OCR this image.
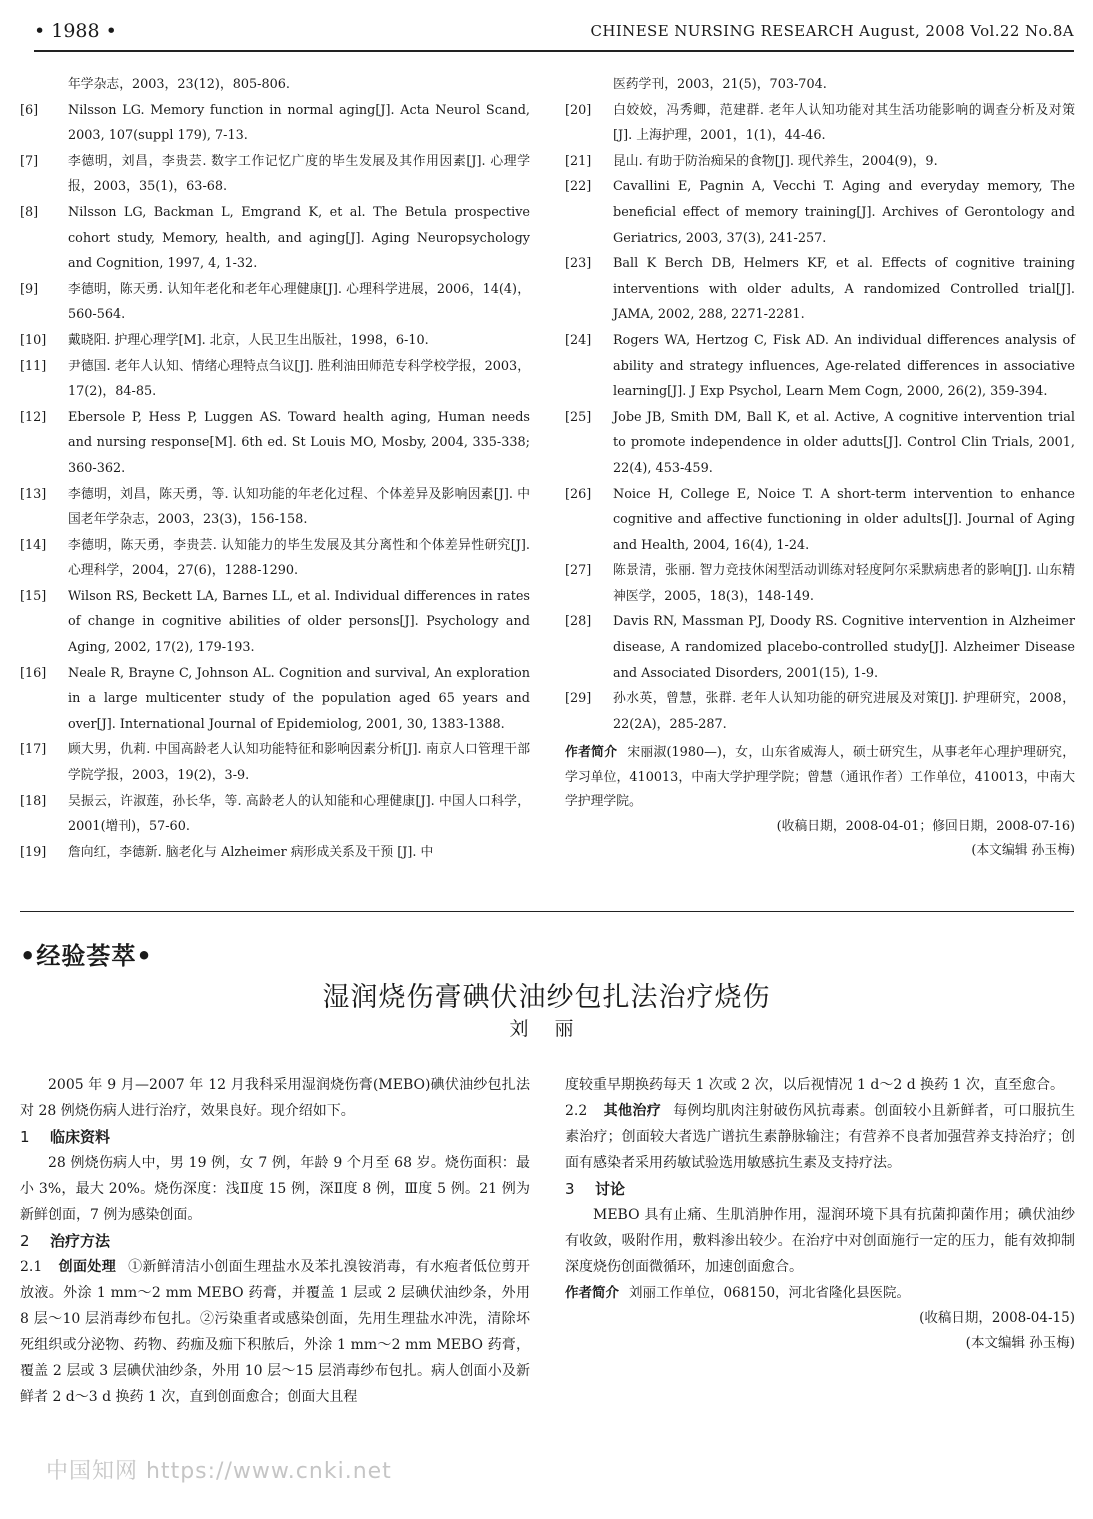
• 1988 •	CHINESE NURSING RESEARCH August, 2008 Vol.22 No.8A
年学杂志，2003，23(12)，805-806.
[6]	Nilsson LG. Memory function in normal aging[J]. Acta Neurol Scand, 2003, 107(suppl 179), 7-13.
[7]	李德明，刘昌，李贵芸. 数字工作记忆广度的毕生发展及其作用因素[J]. 心理学报，2003，35(1)，63-68.
[8]	Nilsson LG, Backman L, Emgrand K, et al. The Betula prospective cohort study, Memory, health, and aging[J]. Aging Neuropsychology and Cognition, 1997, 4, 1-32.
[9]	李德明，陈天勇. 认知年老化和老年心理健康[J]. 心理科学进展，2006，14(4)，560-564.
[10]	戴晓阳. 护理心理学[M]. 北京，人民卫生出版社，1998，6-10.
[11]	尹德国. 老年人认知、情绪心理特点刍议[J]. 胜利油田师范专科学校学报，2003，17(2)，84-85.
[12]	Ebersole P, Hess P, Luggen AS. Toward health aging, Human needs and nursing response[M]. 6th ed. St Louis MO, Mosby, 2004, 335-338; 360-362.
[13]	李德明，刘昌，陈天勇，等. 认知功能的年老化过程、个体差异及影响因素[J]. 中国老年学杂志，2003，23(3)，156-158.
[14]	李德明，陈天勇，李贵芸. 认知能力的毕生发展及其分离性和个体差异性研究[J]. 心理科学，2004，27(6)，1288-1290.
[15]	Wilson RS, Beckett LA, Barnes LL, et al. Individual differences in rates of change in cognitive abilities of older persons[J]. Psychology and Aging, 2002, 17(2), 179-193.
[16]	Neale R, Brayne C, Johnson AL. Cognition and survival, An exploration in a large multicenter study of the population aged 65 years and over[J]. International Journal of Epidemiolog, 2001, 30, 1383-1388.
[17]	顾大男，仇莉. 中国高龄老人认知功能特征和影响因素分析[J]. 南京人口管理干部学院学报，2003，19(2)，3-9.
[18]	吴振云，许淑莲，孙长华，等. 高龄老人的认知能和心理健康[J]. 中国人口科学，2001(增刊)，57-60.
[19]	詹向红，李德新. 脑老化与 Alzheimer 病形成关系及干预 [J]. 中
医药学刊，2003，21(5)，703-704.
[20]	白姣姣，冯秀卿，范建群. 老年人认知功能对其生活功能影响的调查分析及对策[J]. 上海护理，2001，1(1)，44-46.
[21]	昆山. 有助于防治痴呆的食物[J]. 现代养生，2004(9)，9.
[22]	Cavallini E, Pagnin A, Vecchi T. Aging and everyday memory, The beneficial effect of memory training[J]. Archives of Gerontology and Geriatrics, 2003, 37(3), 241-257.
[23]	Ball K Berch DB, Helmers KF, et al. Effects of cognitive training interventions with older adults, A randomized Controlled trial[J]. JAMA, 2002, 288, 2271-2281.
[24]	Rogers WA, Hertzog C, Fisk AD. An individual differences analysis of ability and strategy influences, Age-related differences in associative learning[J]. J Exp Psychol, Learn Mem Cogn, 2000, 26(2), 359-394.
[25]	Jobe JB, Smith DM, Ball K, et al. Active, A cognitive intervention trial to promote independence in older adutts[J]. Control Clin Trials, 2001, 22(4), 453-459.
[26]	Noice H, College E, Noice T. A short-term intervention to enhance cognitive and affective functioning in older adults[J]. Journal of Aging and Health, 2004, 16(4), 1-24.
[27]	陈景清，张丽. 智力竞技休闲型活动训练对轻度阿尔采默病患者的影响[J]. 山东精神医学，2005，18(3)，148-149.
[28]	Davis RN, Massman PJ, Doody RS. Cognitive intervention in Alzheimer disease, A randomized placebo-controlled study[J]. Alzheimer Disease and Associated Disorders, 2001(15), 1-9.
[29]	孙水英，曾慧，张群. 老年人认知功能的研究进展及对策[J]. 护理研究，2008，22(2A)，285-287.
作者简介 宋丽淑(1980—)，女，山东省威海人，硕士研究生，从事老年心理护理研究，学习单位，410013，中南大学护理学院；曾慧（通讯作者）工作单位，410013，中南大学护理学院。
(收稿日期，2008-04-01；修回日期，2008-07-16)
(本文编辑 孙玉梅)
•经验荟萃•
湿润烧伤膏碘伏油纱包扎法治疗烧伤
刘 丽

2005 年 9 月—2007 年 12 月我科采用湿润烧伤膏(MEBO)碘伏油纱包扎法对 28 例烧伤病人进行治疗，效果良好。现介绍如下。

1 临床资料

28 例烧伤病人中，男 19 例，女 7 例，年龄 9 个月至 68 岁。烧伤面积：最小 3%，最大 20%。烧伤深度：浅Ⅱ度 15 例，深Ⅱ度 8 例，Ⅲ度 5 例。21 例为新鲜创面，7 例为感染创面。

2 治疗方法

2.1 创面处理 ①新鲜清洁小创面生理盐水及苯扎溴铵消毒，有水疱者低位剪开放液。外涂 1 mm～2 mm MEBO 药膏，并覆盖 1 层或 2 层碘伏油纱条，外用 8 层～10 层消毒纱布包扎。②污染重者或感染创面，先用生理盐水冲洗，清除坏死组织或分泌物、药物、药痂及痂下积脓后，外涂 1 mm～2 mm MEBO 药膏，覆盖 2 层或 3 层碘伏油纱条，外用 10 层～15 层消毒纱布包扎。病人创面小及新鲜者 2 d～3 d 换药 1 次，直到创面愈合；创面大且程

度较重早期换药每天 1 次或 2 次，以后视情况 1 d～2 d 换药 1 次，直至愈合。

2.2 其他治疗 每例均肌肉注射破伤风抗毒素。创面较小且新鲜者，可口服抗生素治疗；创面较大者选广谱抗生素静脉输注；有营养不良者加强营养支持治疗；创面有感染者采用药敏试验选用敏感抗生素及支持疗法。

3 讨论

MEBO 具有止痛、生肌消肿作用，湿润环境下具有抗菌抑菌作用；碘伏油纱有收敛，吸附作用，敷料渗出较少。在治疗中对创面施行一定的压力，能有效抑制深度烧伤创面微循环，加速创面愈合。

作者简介 刘丽工作单位，068150，河北省隆化县医院。
(收稿日期，2008-04-15)
(本文编辑 孙玉梅)
中国知网 https://www.cnki.net
